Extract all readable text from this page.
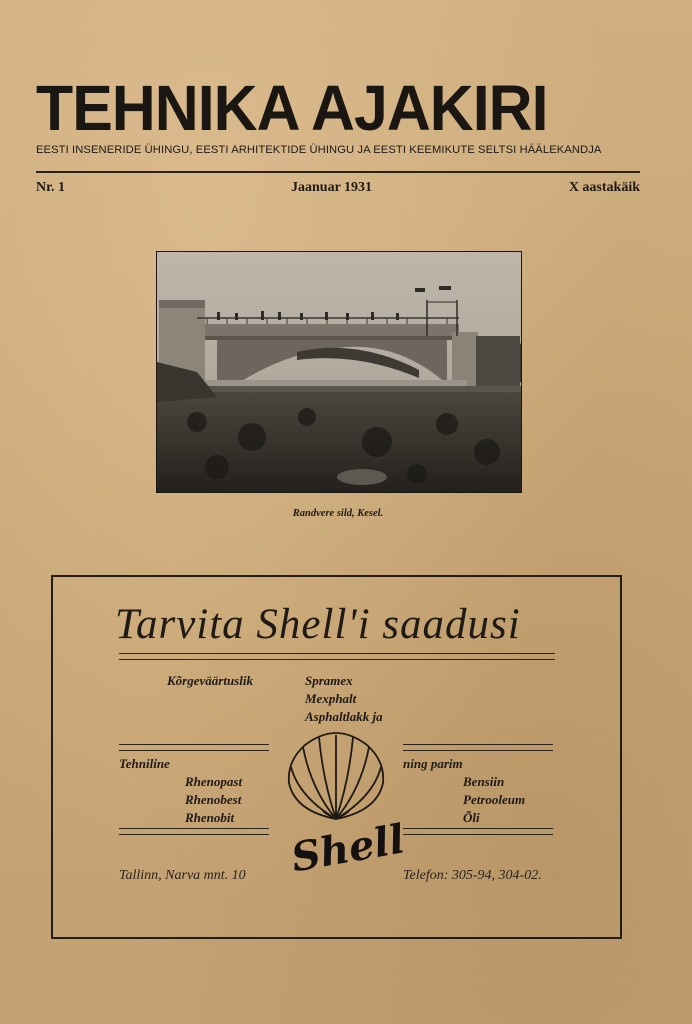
TEHNIKA AJAKIRI
EESTI INSENERIDE ÜHINGU, EESTI ARHITEKTIDE ÜHINGU JA EESTI KEEMIKUTE SELTSI HÄÄLEKANDJA
Nr. 1	Jaanuar 1931	X aastakäik
Randvere sild, Kesel.
Tarvita Shell'i saadusi
Kõrgeväärtuslik	Spramex
Mexphalt
Asphaltlakk ja
Tehniline
Rhenopast
Rhenobest
Rhenobit
ning parim
Bensiin
Petrooleum
Õli
Shell
Tallinn, Narva mnt. 10	Telefon: 305-94, 304-02.
